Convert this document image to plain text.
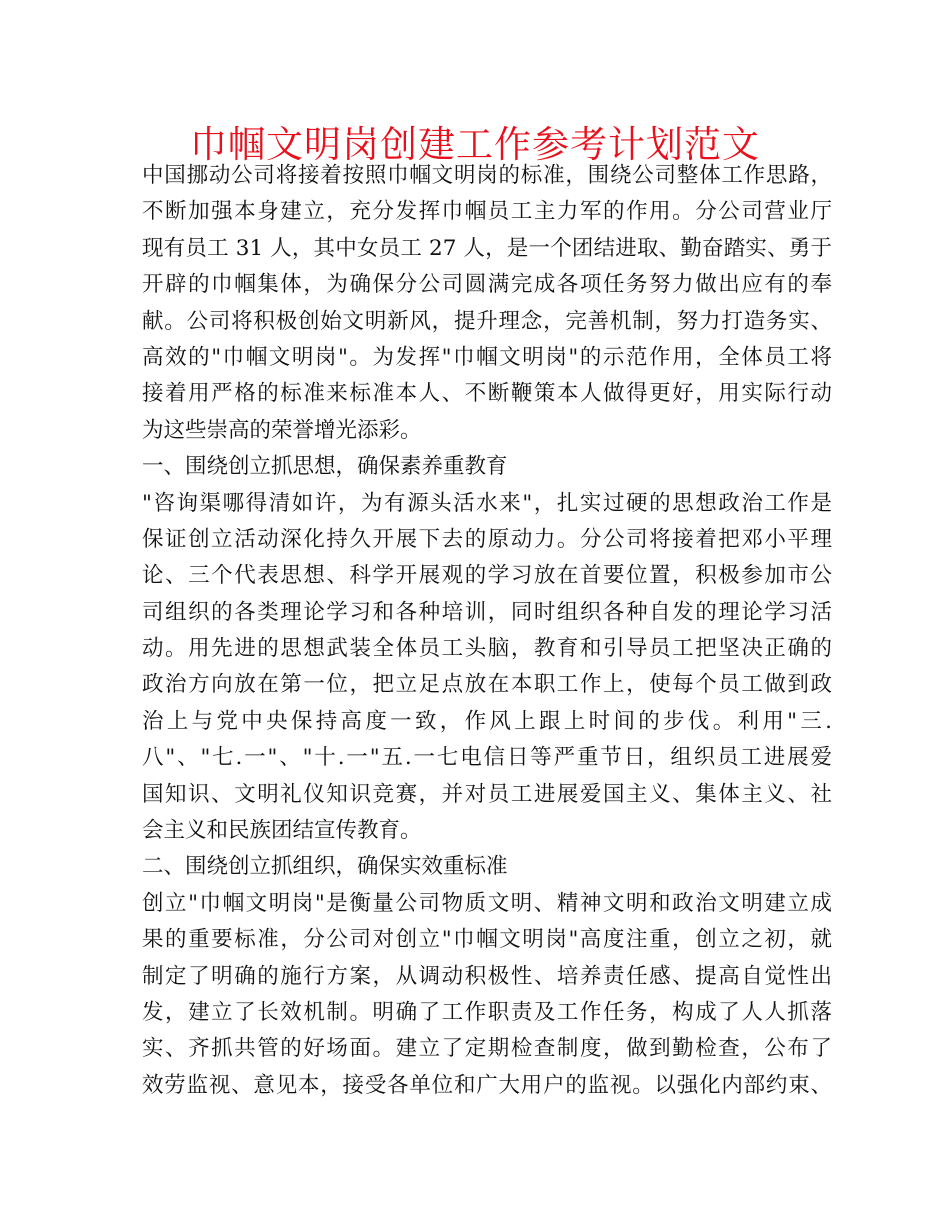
巾帼文明岗创建工作参考计划范文
中国挪动公司将接着按照巾帼文明岗的标准，围绕公司整体工作思路，
不断加强本身建立，充分发挥巾帼员工主力军的作用。分公司营业厅
现有员工 31 人，其中女员工 27 人，是一个团结进取、勤奋踏实、勇于
开辟的巾帼集体，为确保分公司圆满完成各项任务努力做出应有的奉
献。公司将积极创始文明新风，提升理念，完善机制，努力打造务实、
高效的"巾帼文明岗"。为发挥"巾帼文明岗"的示范作用，全体员工将
接着用严格的标准来标准本人、不断鞭策本人做得更好，用实际行动
为这些崇高的荣誉增光添彩。
一、围绕创立抓思想，确保素养重教育
"咨询渠哪得清如许，为有源头活水来"，扎实过硬的思想政治工作是
保证创立活动深化持久开展下去的原动力。分公司将接着把邓小平理
论、三个代表思想、科学开展观的学习放在首要位置，积极参加市公
司组织的各类理论学习和各种培训，同时组织各种自发的理论学习活
动。用先进的思想武装全体员工头脑，教育和引导员工把坚决正确的
政治方向放在第一位，把立足点放在本职工作上，使每个员工做到政
治上与党中央保持高度一致，作风上跟上时间的步伐。利用"三.
八"、"七.一"、"十.一"五.一七电信日等严重节日，组织员工进展爱
国知识、文明礼仪知识竞赛，并对员工进展爱国主义、集体主义、社
会主义和民族团结宣传教育。
二、围绕创立抓组织，确保实效重标准
创立"巾帼文明岗"是衡量公司物质文明、精神文明和政治文明建立成
果的重要标准，分公司对创立"巾帼文明岗"高度注重，创立之初，就
制定了明确的施行方案，从调动积极性、培养责任感、提高自觉性出
发，建立了长效机制。明确了工作职责及工作任务，构成了人人抓落
实、齐抓共管的好场面。建立了定期检查制度，做到勤检查，公布了
效劳监视、意见本，接受各单位和广大用户的监视。以强化内部约束、
